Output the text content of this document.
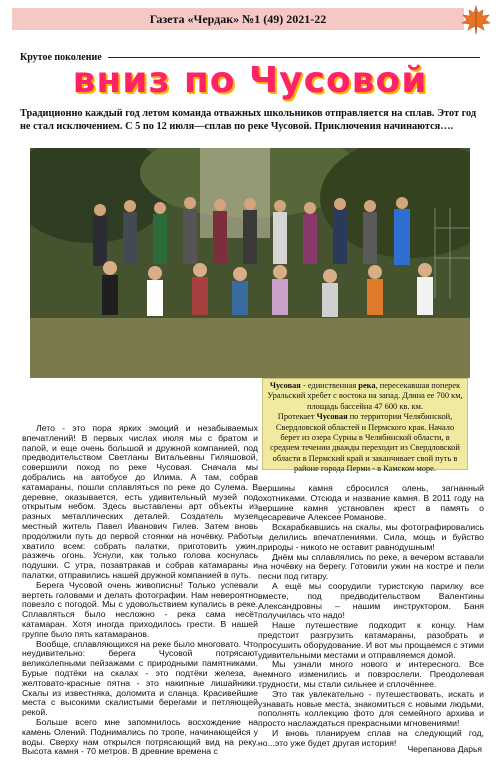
Газета «Чердак» №1 (49) 2021-22
Крутое поколение
вниз по Чусовой
Традиционно каждый год летом команда отважных школьников отправляется на сплав. Этот год не стал исключением. С 5 по 12 июля—сплав по реке Чусовой. Приключения начинаются….
Чусовая - единственная река, пересекавшая поперек Уральский хребет с востока на запад. Длина ее 700 км, площадь бассейна 47 600 кв. км.
Протекает Чусовая по территории Челябинской, Свердловской областей и Пермского края. Начало берет из озера Сурны в Челябинской области, в среднем течении дважды переходит из Свердловской области в Пермский край и заканчивает свой путь в районе города Перми - в Камском море.

Лето - это пора ярких эмоций и незабываемых впечатлений! В первых числах июля мы с братом и папой, и еще очень большой и дружной компанией, под предводительством Светланы Витальевны Гиляшовой, совершили поход по реке Чусовая. Сначала мы добрались на автобусе до Илима. А там, собрав катамараны, пошли сплавляться по реке до Сулема. В деревне, оказывается, есть удивительный музей под открытым небом. Здесь выставлены арт объекты из разных металлических деталей. Создатель музея местный житель Павел Иванович Гилев. Затем вновь продолжили путь до первой стоянки на ночёвку. Работы хватило всем: собрать палатки, приготовить ужин, разжечь огонь. Уснули, как только голова коснулась подушки. С утра, позавтракав и собрав катамараны и палатки, отправились нашей дружной компанией в путь.

Берега Чусовой очень живописны! Только успевали вертеть головами и делать фотографии. Нам невероятно повезло с погодой. Мы с удовольствием купались в реке. Сплавляться было несложно - река сама несёт катамаран. Хотя иногда приходилось грести. В нашей группе было пять катамаранов.

Вообще, сплавляющихся на реке было многовато. Что неудивительно: берега Чусовой потрясают великолепными пейзажами с природными памятниками. Бурые подтёки на скалах - это подтёки железа, а желтовато-красные пятна - это накипные лишайники. Скалы из известняка, доломита и сланца. Красивейшие места с высокими скалистыми берегами и петляющей рекой.

Больше всего мне запомнилось восхождение на камень Олений. Поднимались по тропе, начинающейся у воды. Сверху нам открылся потрясающий вид на реку. Высота камня - 70 метров. В древние времена с

вершины камня сбросился олень, загнанный охотниками. Отсюда и название камня. В 2011 году на вершине камня установлен крест в память о цесаревиче Алексее Романове.

Вскарабкавшись на скалы, мы фотографировались и делились впечатлениями. Сила, мощь и буйство природы - никого не оставит равнодушным!

Днём мы сплавлялись по реке, а вечером вставали на ночёвку на берегу. Готовили ужин на костре и пели песни под гитару.

А ещё мы соорудили туристскую парилку все вместе, под предводительством Валентины Александровны – нашим инструктором. Баня получилась что надо!

Наше путешествие подходит к концу. Нам предстоит разгрузить катамараны, разобрать и просушить оборудование. И вот мы прощаемся с этими удивительными местами и отправляемся домой.

Мы узнали много нового и интересного. Все немного изменились и повзрослели. Преодолевая трудности, мы стали сильнее и сплочённее.

Это так увлекательно - путешествовать, искать и узнавать новые места, знакомиться с новыми людьми, пополнять коллекцию фото для семейного архива и просто наслаждаться прекрасными мгновениями!

И вновь планируем сплав на следующий год, но...это уже будет другая история!

Черепанова Дарья
